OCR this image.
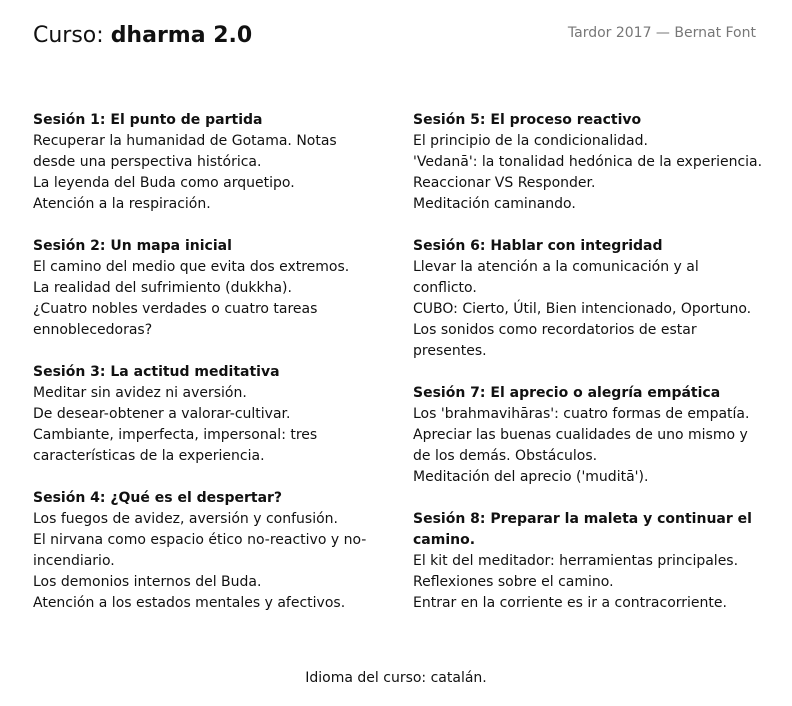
Curso: dharma 2.0	Tardor 2017 — Bernat Font
Sesión 1: El punto de partida
Recuperar la humanidad de Gotama. Notas desde una perspectiva histórica.
La leyenda del Buda como arquetipo.
Atención a la respiración.
Sesión 2: Un mapa inicial
El camino del medio que evita dos extremos.
La realidad del sufrimiento (dukkha).
¿Cuatro nobles verdades o cuatro tareas ennoblecedoras?
Sesión 3: La actitud meditativa
Meditar sin avidez ni aversión.
De desear-obtener a valorar-cultivar.
Cambiante, imperfecta, impersonal: tres características de la experiencia.
Sesión 4: ¿Qué es el despertar?
Los fuegos de avidez, aversión y confusión.
El nirvana como espacio ético no-reactivo y no-incendiario.
Los demonios internos del Buda.
Atención a los estados mentales y afectivos.
Sesión 5: El proceso reactivo
El principio de la condicionalidad.
'Vedanā': la tonalidad hedónica de la experiencia.
Reaccionar VS Responder.
Meditación caminando.
Sesión 6: Hablar con integridad
Llevar la atención a la comunicación y al conflicto.
CUBO: Cierto, Útil, Bien intencionado, Oportuno.
Los sonidos como recordatorios de estar presentes.
Sesión 7: El aprecio o alegría empática
Los 'brahmavihāras': cuatro formas de empatía.
Apreciar las buenas cualidades de uno mismo y de los demás. Obstáculos.
Meditación del aprecio ('muditā').
Sesión 8: Preparar la maleta y continuar el camino.
El kit del meditador: herramientas principales.
Reflexiones sobre el camino.
Entrar en la corriente es ir a contracorriente.
Idioma del curso: catalán.
